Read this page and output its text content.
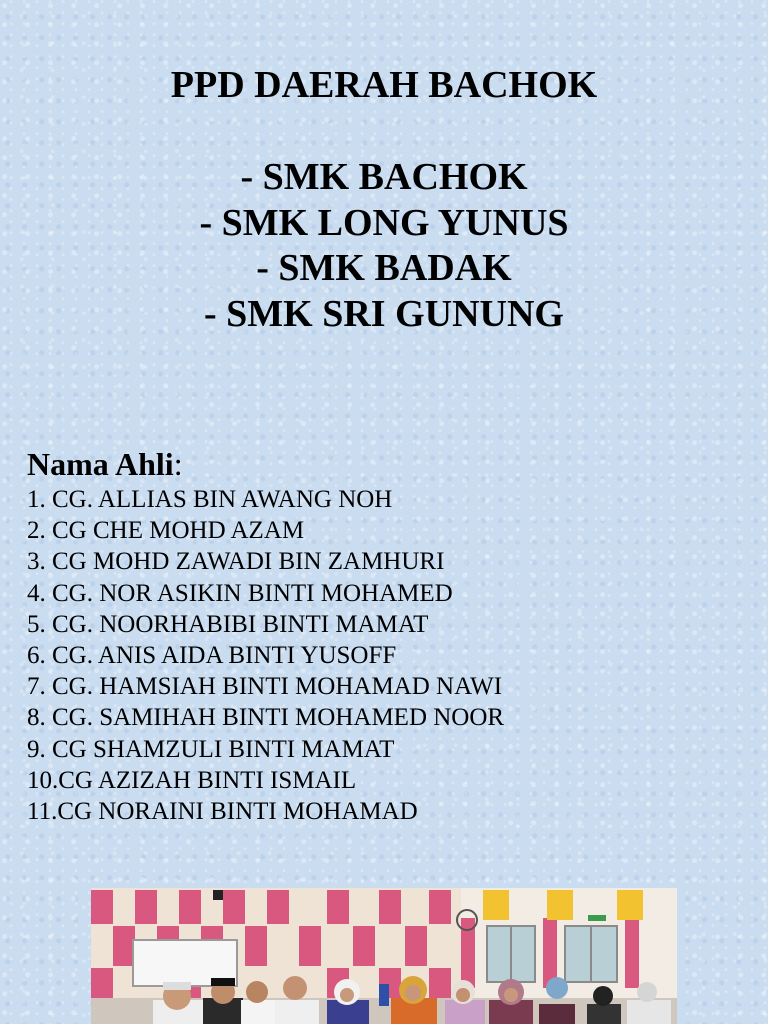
PPD DAERAH BACHOK
- SMK BACHOK
- SMK LONG YUNUS
- SMK BADAK
- SMK SRI GUNUNG
Nama Ahli:
1. CG. ALLIAS BIN AWANG NOH
2. CG CHE MOHD AZAM
3. CG MOHD ZAWADI BIN ZAMHURI
4. CG. NOR ASIKIN BINTI MOHAMED
5. CG. NOORHABIBI BINTI MAMAT
6. CG. ANIS AIDA BINTI YUSOFF
7. CG. HAMSIAH BINTI MOHAMAD NAWI
8. CG. SAMIHAH BINTI MOHAMED NOOR
9. CG SHAMZULI BINTI MAMAT
10.CG AZIZAH BINTI ISMAIL
11.CG NORAINI BINTI MOHAMAD
